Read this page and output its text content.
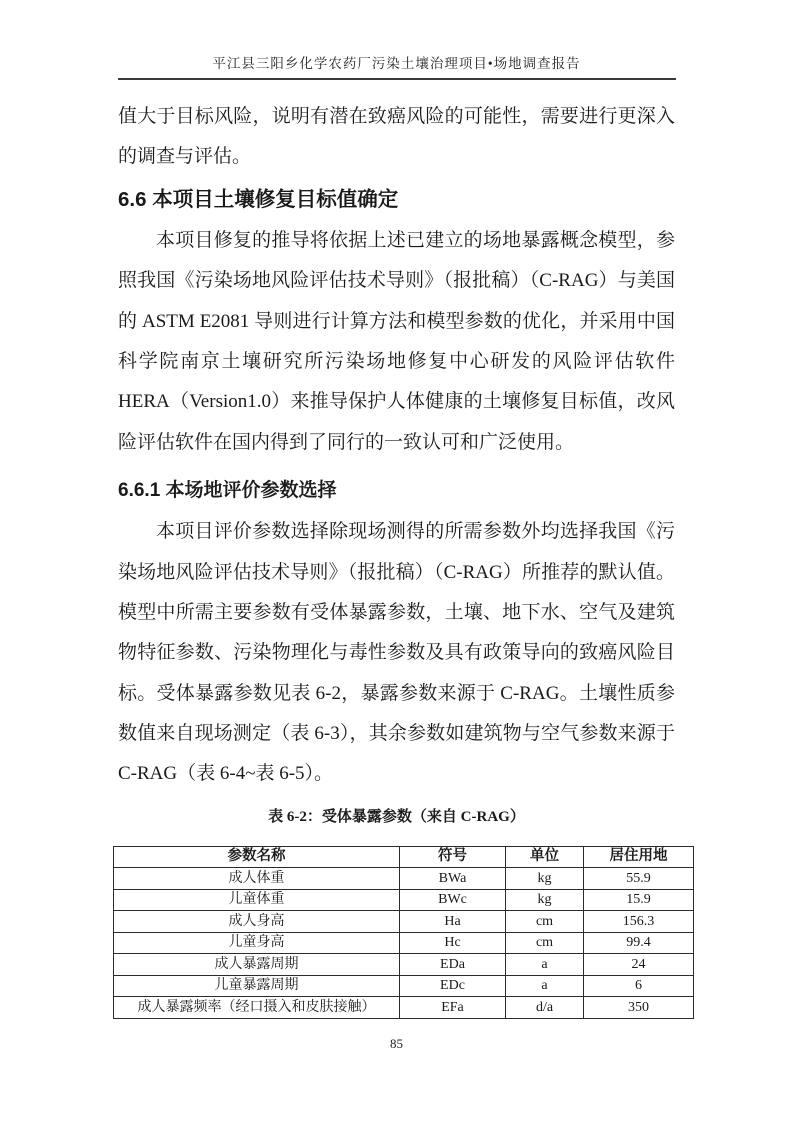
平江县三阳乡化学农药厂污染土壤治理项目•场地调查报告
值大于目标风险，说明有潜在致癌风险的可能性，需要进行更深入
的调查与评估。
6.6 本项目土壤修复目标值确定
本项目修复的推导将依据上述已建立的场地暴露概念模型，参
照我国《污染场地风险评估技术导则》（报批稿）（C-RAG）与美国
的 ASTM E2081 导则进行计算方法和模型参数的优化，并采用中国
科学院南京土壤研究所污染场地修复中心研发的风险评估软件
HERA（Version1.0）来推导保护人体健康的土壤修复目标值，改风
险评估软件在国内得到了同行的一致认可和广泛使用。
6.6.1 本场地评价参数选择
本项目评价参数选择除现场测得的所需参数外均选择我国《污
染场地风险评估技术导则》（报批稿）（C-RAG）所推荐的默认值。
模型中所需主要参数有受体暴露参数，土壤、地下水、空气及建筑
物特征参数、污染物理化与毒性参数及具有政策导向的致癌风险目
标。受体暴露参数见表 6-2，暴露参数来源于 C-RAG。土壤性质参
数值来自现场测定（表 6-3），其余参数如建筑物与空气参数来源于
C-RAG（表 6-4~表 6-5）。
表 6-2：受体暴露参数（来自 C-RAG）
参数名称	符号	单位	居住用地
成人体重	BWa	kg	55.9
儿童体重	BWc	kg	15.9
成人身高	Ha	cm	156.3
儿童身高	Hc	cm	99.4
成人暴露周期	EDa	a	24
儿童暴露周期	EDc	a	6
成人暴露频率（经口摄入和皮肤接触）	EFa	d/a	350
85
